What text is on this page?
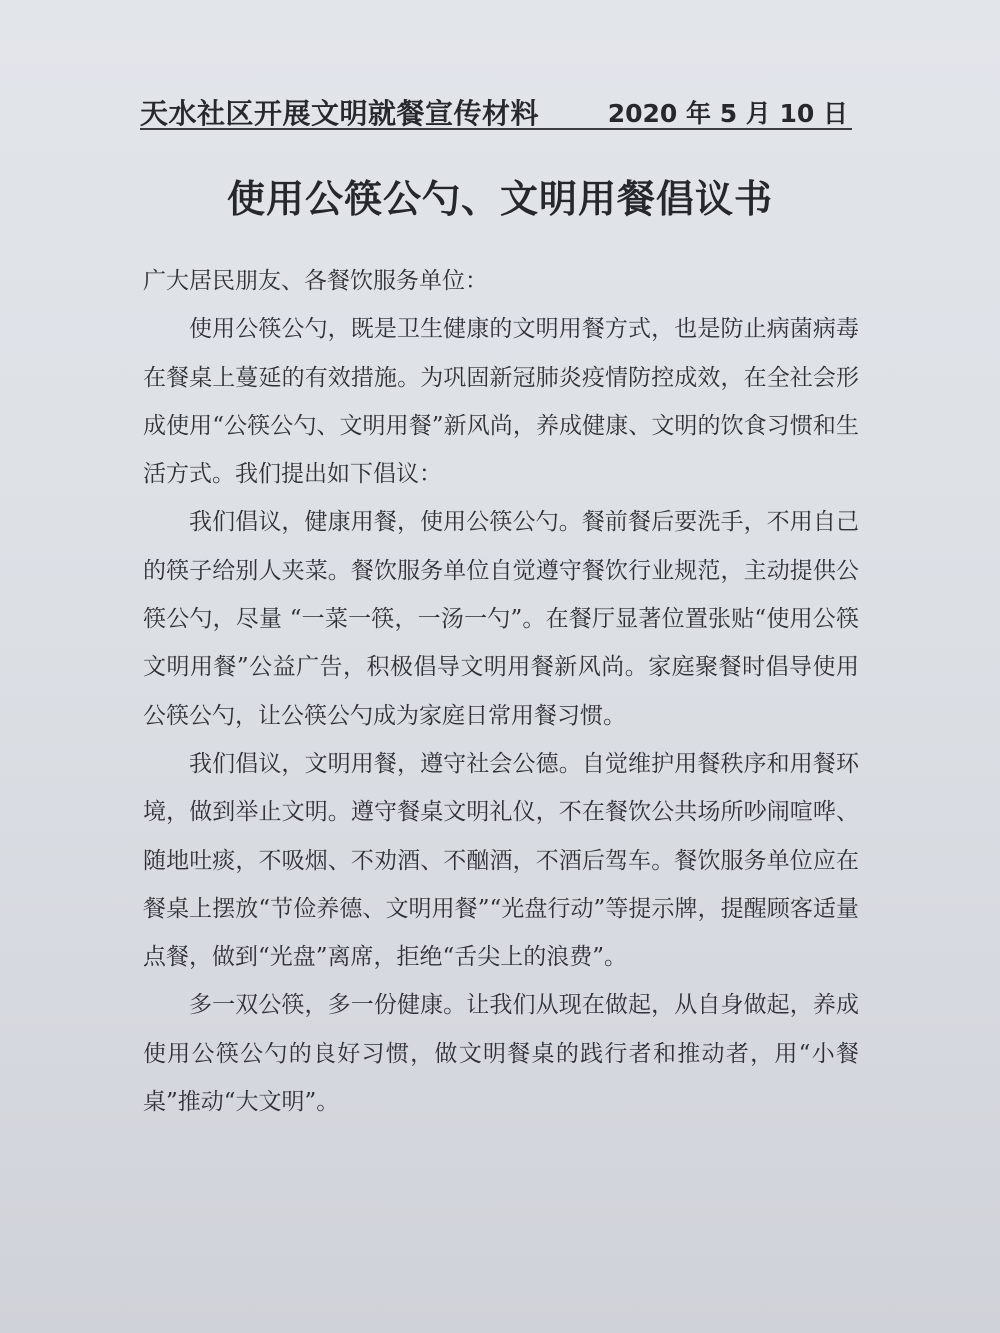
天水社区开展文明就餐宣传材料	2020 年 5 月 10 日
使用公筷公勺、文明用餐倡议书

广大居民朋友、各餐饮服务单位：

使用公筷公勺，既是卫生健康的文明用餐方式，也是防止病菌病毒在餐桌上蔓延的有效措施。为巩固新冠肺炎疫情防控成效，在全社会形成使用“公筷公勺、文明用餐”新风尚，养成健康、文明的饮食习惯和生活方式。我们提出如下倡议：

我们倡议，健康用餐，使用公筷公勺。餐前餐后要洗手，不用自己的筷子给别人夹菜。餐饮服务单位自觉遵守餐饮行业规范，主动提供公筷公勺，尽量 “一菜一筷，一汤一勺”。在餐厅显著位置张贴“使用公筷文明用餐”公益广告，积极倡导文明用餐新风尚。家庭聚餐时倡导使用公筷公勺，让公筷公勺成为家庭日常用餐习惯。

我们倡议，文明用餐，遵守社会公德。自觉维护用餐秩序和用餐环境，做到举止文明。遵守餐桌文明礼仪，不在餐饮公共场所吵闹喧哗、随地吐痰，不吸烟、不劝酒、不酗酒，不酒后驾车。餐饮服务单位应在餐桌上摆放“节俭养德、文明用餐”“光盘行动”等提示牌，提醒顾客适量点餐，做到“光盘”离席，拒绝“舌尖上的浪费”。

多一双公筷，多一份健康。让我们从现在做起，从自身做起，养成使用公筷公勺的良好习惯，做文明餐桌的践行者和推动者，用“小餐桌”推动“大文明”。
